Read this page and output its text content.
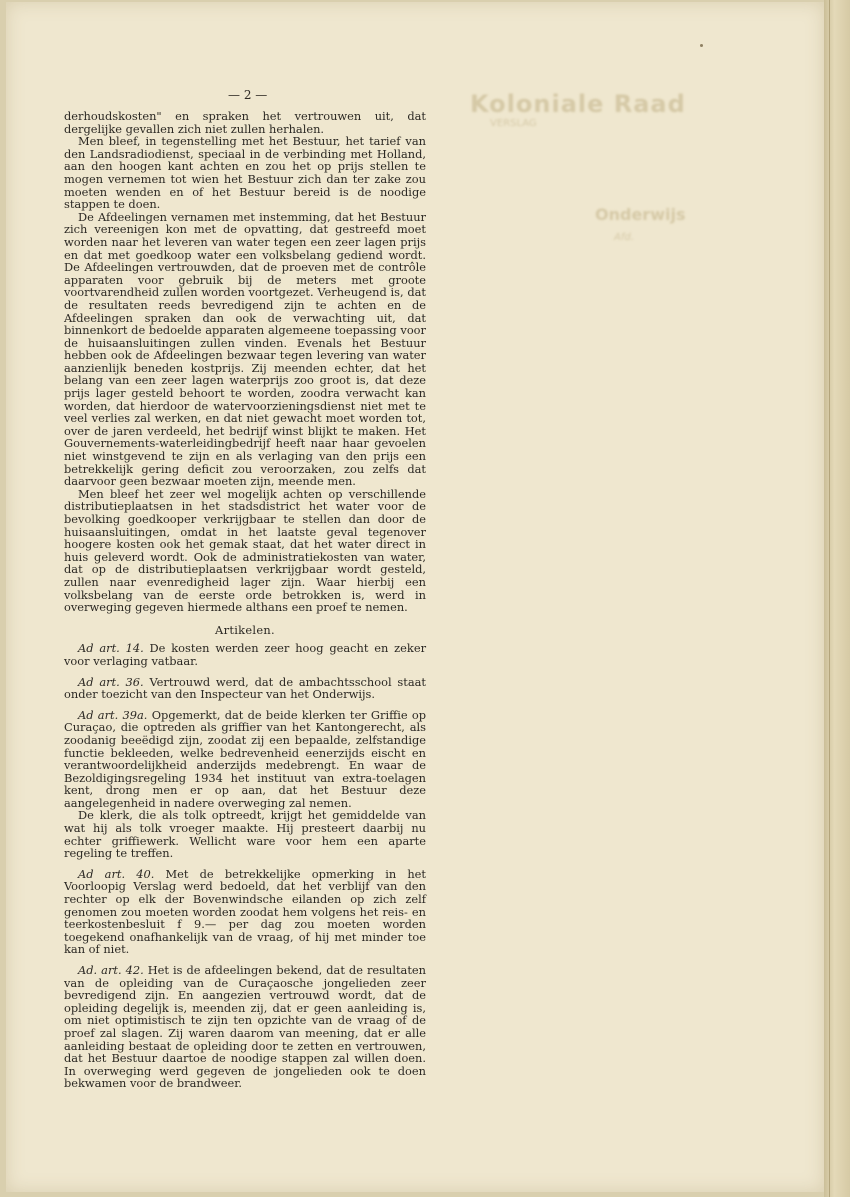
Koloniale Raad
VERSLAG
Onderwijs
Afd.
— 2 —

derhoudskosten" en spraken het vertrouwen uit, dat dergelijke gevallen zich niet zullen herhalen.

Men bleef, in tegenstelling met het Bestuur, het tarief van den Landsradiodienst, speciaal in de verbinding met Holland, aan den hoogen kant achten en zou het op prijs stellen te mogen vernemen tot wien het Bestuur zich dan ter zake zou moeten wenden en of het Bestuur bereid is de noodige stappen te doen.

De Afdeelingen vernamen met instemming, dat het Bestuur zich vereenigen kon met de opvatting, dat gestreefd moet worden naar het leveren van water tegen een zeer lagen prijs en dat met goedkoop water een volksbelang gediend wordt. De Afdeelingen vertrouwden, dat de proeven met de contrôle apparaten voor gebruik bij de meters met groote voortvarendheid zullen worden voortgezet. Verheugend is, dat de resultaten reeds bevredigend zijn te achten en de Afdeelingen spraken dan ook de verwachting uit, dat binnenkort de bedoelde apparaten algemeene toepassing voor de huisaansluitingen zullen vinden. Evenals het Bestuur hebben ook de Afdeelingen bezwaar tegen levering van water aanzienlijk beneden kostprijs. Zij meenden echter, dat het belang van een zeer lagen waterprijs zoo groot is, dat deze prijs lager gesteld behoort te worden, zoodra verwacht kan worden, dat hierdoor de watervoorzieningsdienst niet met te veel verlies zal werken, en dat niet gewacht moet worden tot, over de jaren verdeeld, het bedrijf winst blijkt te maken. Het Gouvernements-waterleidingbedrijf heeft naar haar gevoelen niet winstgevend te zijn en als verlaging van den prijs een betrekkelijk gering deficit zou veroorzaken, zou zelfs dat daarvoor geen bezwaar moeten zijn, meende men.

Men bleef het zeer wel mogelijk achten op verschillende distributieplaatsen in het stadsdistrict het water voor de bevolking goedkooper verkrijgbaar te stellen dan door de huisaansluitingen, omdat in het laatste geval tegenover hoogere kosten ook het gemak staat, dat het water direct in huis geleverd wordt. Ook de administratiekosten van water, dat op de distributieplaatsen verkrijgbaar wordt gesteld, zullen naar evenredigheid lager zijn. Waar hierbij een volksbelang van de eerste orde betrokken is, werd in overweging gegeven hiermede althans een proef te nemen.

Artikelen.

Ad art. 14. De kosten werden zeer hoog geacht en zeker voor verlaging vatbaar.

Ad art. 36. Vertrouwd werd, dat de ambachtsschool staat onder toezicht van den Inspecteur van het Onderwijs.

Ad art. 39a. Opgemerkt, dat de beide klerken ter Griffie op Curaçao, die optreden als griffier van het Kantongerecht, als zoodanig beeëdigd zijn, zoodat zij een bepaalde, zelfstandige functie bekleeden, welke bedrevenheid eenerzijds eischt en verantwoordelijkheid anderzijds medebrengt. En waar de Bezoldigingsregeling 1934 het instituut van extra-toelagen kent, drong men er op aan, dat het Bestuur deze aangelegenheid in nadere overweging zal nemen.

De klerk, die als tolk optreedt, krijgt het gemiddelde van wat hij als tolk vroeger maakte. Hij presteert daarbij nu echter griffiewerk. Wellicht ware voor hem een aparte regeling te treffen.

Ad art. 40. Met de betrekkelijke opmerking in het Voorloopig Verslag werd bedoeld, dat het verblijf van den rechter op elk der Bovenwindsche eilanden op zich zelf genomen zou moeten worden zoodat hem volgens het reis- en teerkostenbesluit f 9.— per dag zou moeten worden toegekend onafhankelijk van de vraag, of hij met minder toe kan of niet.

Ad. art. 42. Het is de afdeelingen bekend, dat de resultaten van de opleiding van de Curaçaosche jongelieden zeer bevredigend zijn. En aangezien vertrouwd wordt, dat de opleiding degelijk is, meenden zij, dat er geen aanleiding is, om niet optimistisch te zijn ten opzichte van de vraag of de proef zal slagen. Zij waren daarom van meening, dat er alle aanleiding bestaat de opleiding door te zetten en vertrouwen, dat het Bestuur daartoe de noodige stappen zal willen doen. In overweging werd gegeven de jongelieden ook te doen bekwamen voor de brandweer.
